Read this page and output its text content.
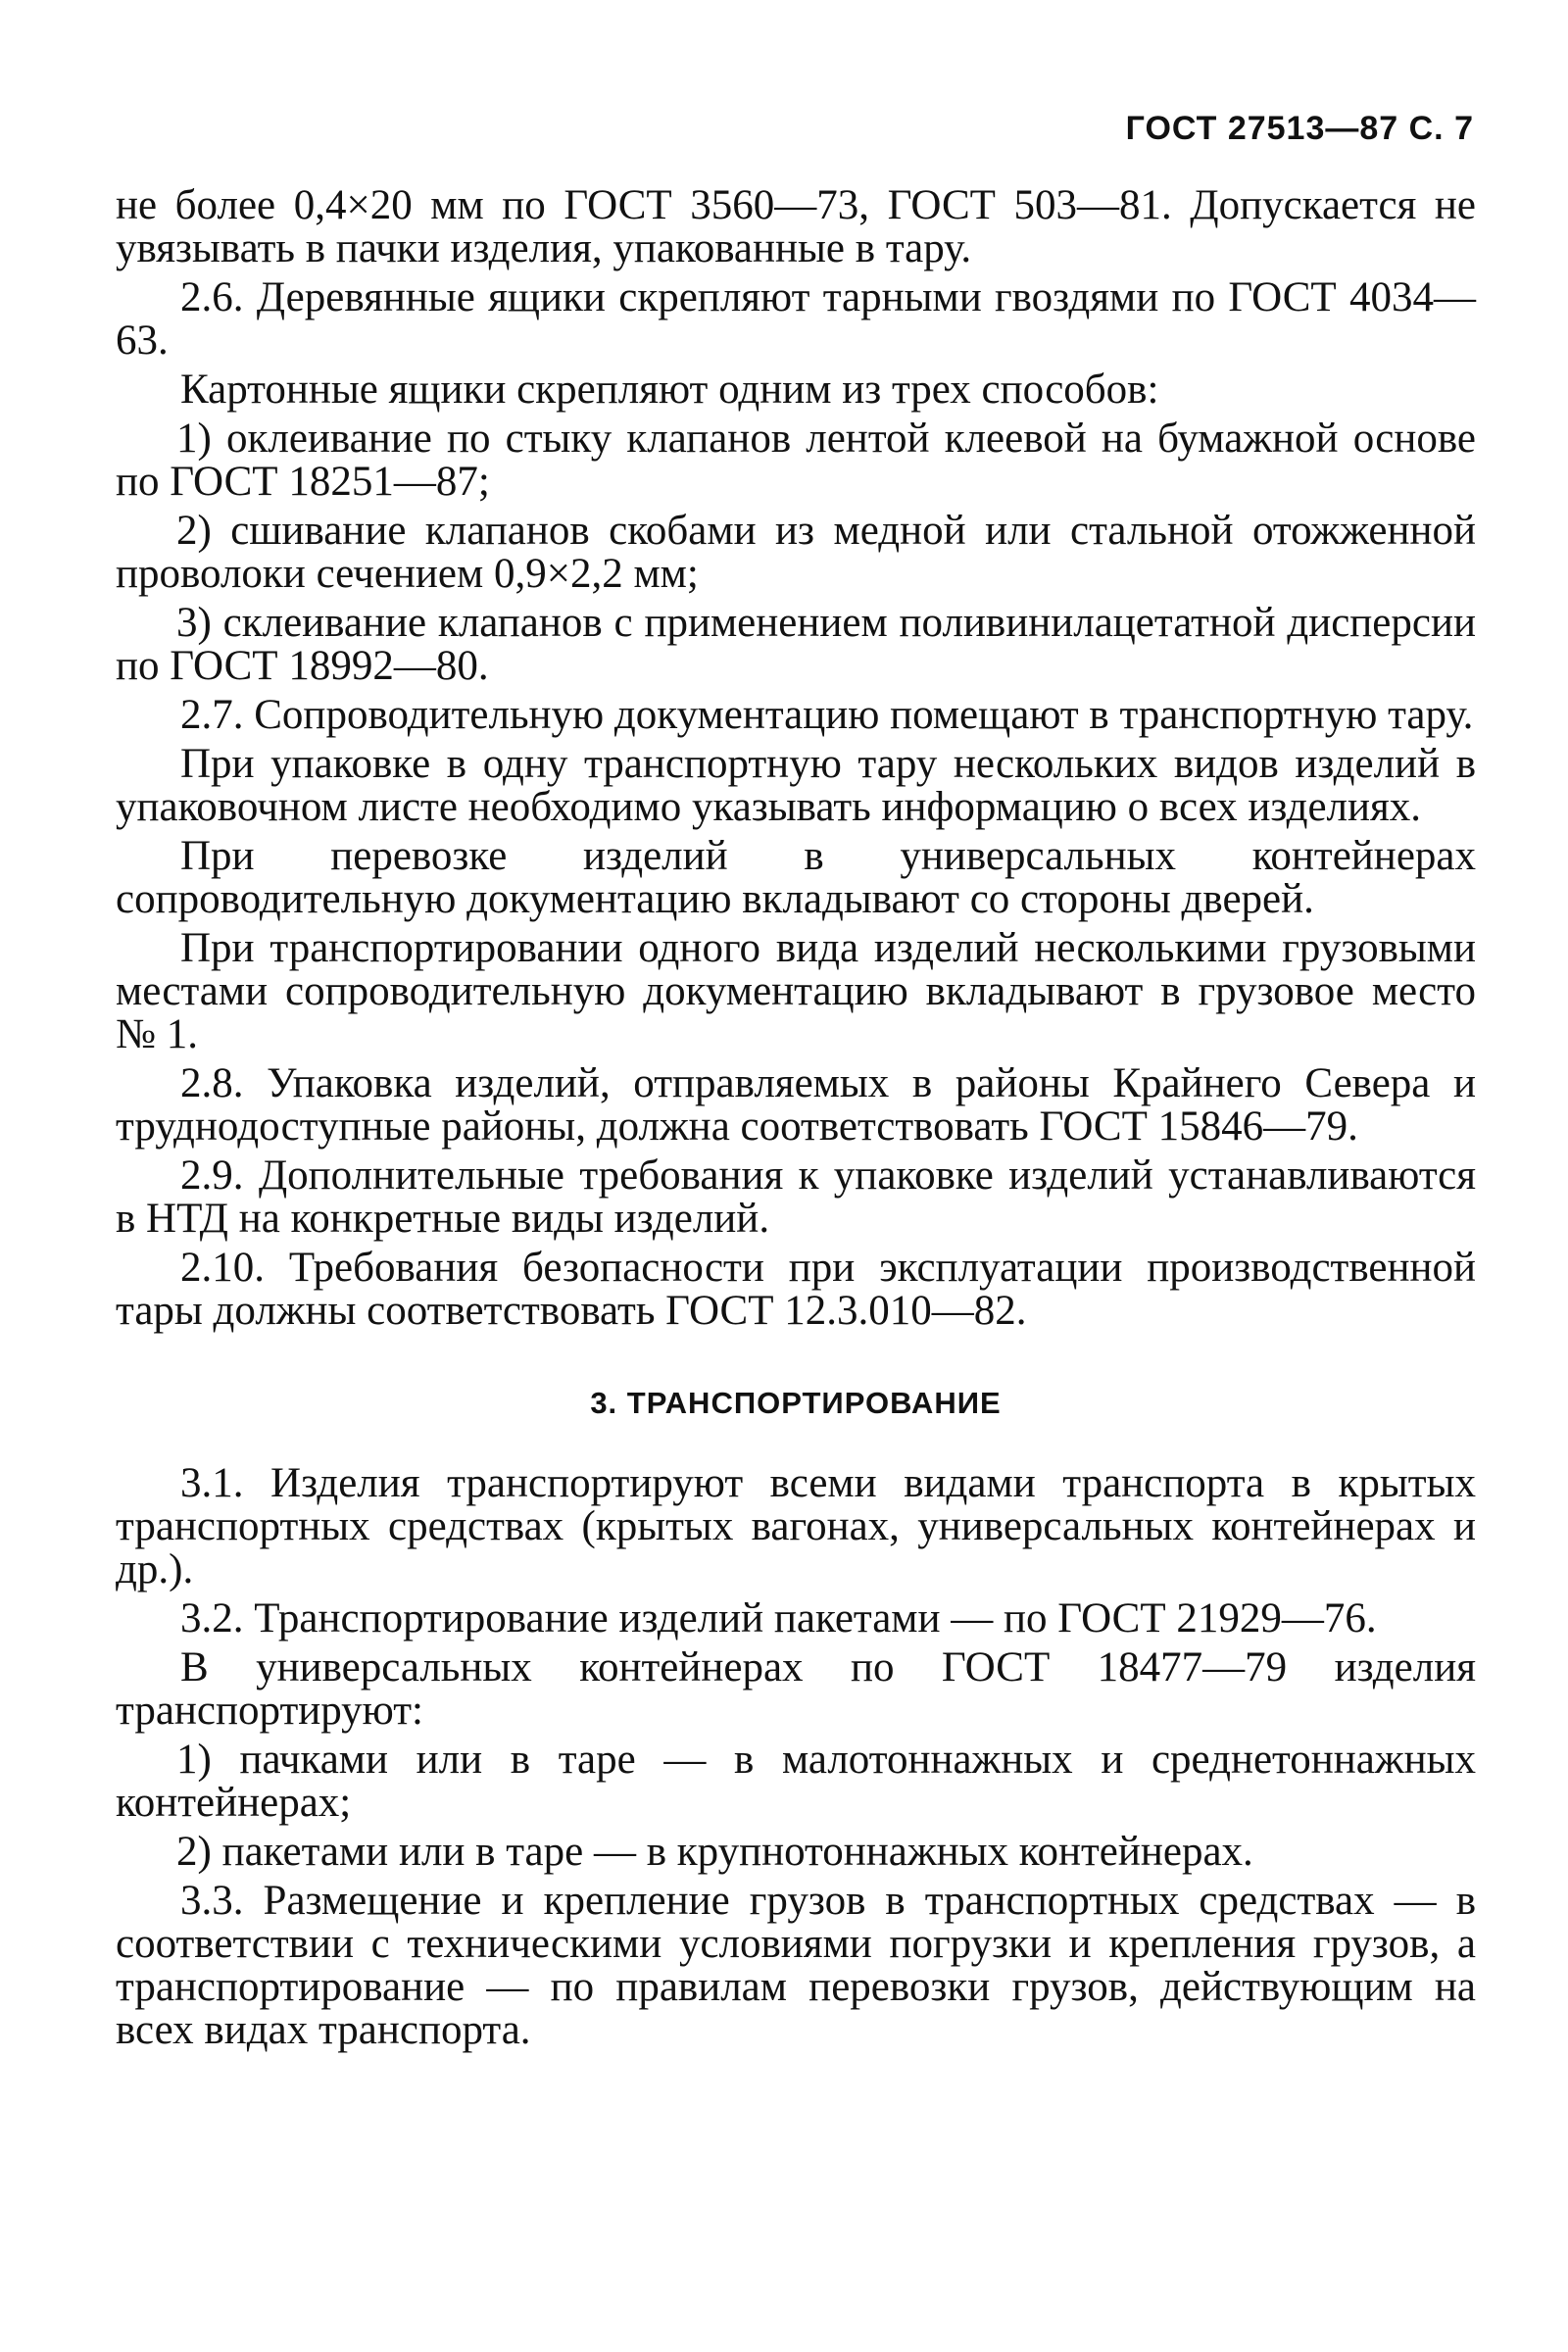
ГОСТ 27513—87 С. 7

не более 0,4×20 мм по ГОСТ 3560—73, ГОСТ 503—81. Допускается не увязывать в пачки изделия, упакованные в тару.

2.6. Деревянные ящики скрепляют тарными гвоздями по ГОСТ 4034—63.

Картонные ящики скрепляют одним из трех способов:

1) оклеивание по стыку клапанов лентой клеевой на бумажной основе по ГОСТ 18251—87;

2) сшивание клапанов скобами из медной или стальной отожженной проволоки сечением 0,9×2,2 мм;

3) склеивание клапанов с применением поливинилацетатной дисперсии по ГОСТ 18992—80.

2.7. Сопроводительную документацию помещают в транспортную тару.

При упаковке в одну транспортную тару нескольких видов изделий в упаковочном листе необходимо указывать информацию о всех изделиях.

При перевозке изделий в универсальных контейнерах сопроводительную документацию вкладывают со стороны дверей.

При транспортировании одного вида изделий несколькими грузовыми местами сопроводительную документацию вкладывают в грузовое место № 1.

2.8. Упаковка изделий, отправляемых в районы Крайнего Севера и труднодоступные районы, должна соответствовать ГОСТ 15846—79.

2.9. Дополнительные требования к упаковке изделий устанавливаются в НТД на конкретные виды изделий.

2.10. Требования безопасности при эксплуатации производственной тары должны соответствовать ГОСТ 12.3.010—82.

3. ТРАНСПОРТИРОВАНИЕ

3.1. Изделия транспортируют всеми видами транспорта в крытых транспортных средствах (крытых вагонах, универсальных контейнерах и др.).

3.2. Транспортирование изделий пакетами — по ГОСТ 21929—76.

В универсальных контейнерах по ГОСТ 18477—79 изделия транспортируют:

1) пачками или в таре — в малотоннажных и среднетоннажных контейнерах;

2) пакетами или в таре — в крупнотоннажных контейнерах.

3.3. Размещение и крепление грузов в транспортных средствах — в соответствии с техническими условиями погрузки и крепления грузов, а транспортирование — по правилам перевозки грузов, действующим на всех видах транспорта.
